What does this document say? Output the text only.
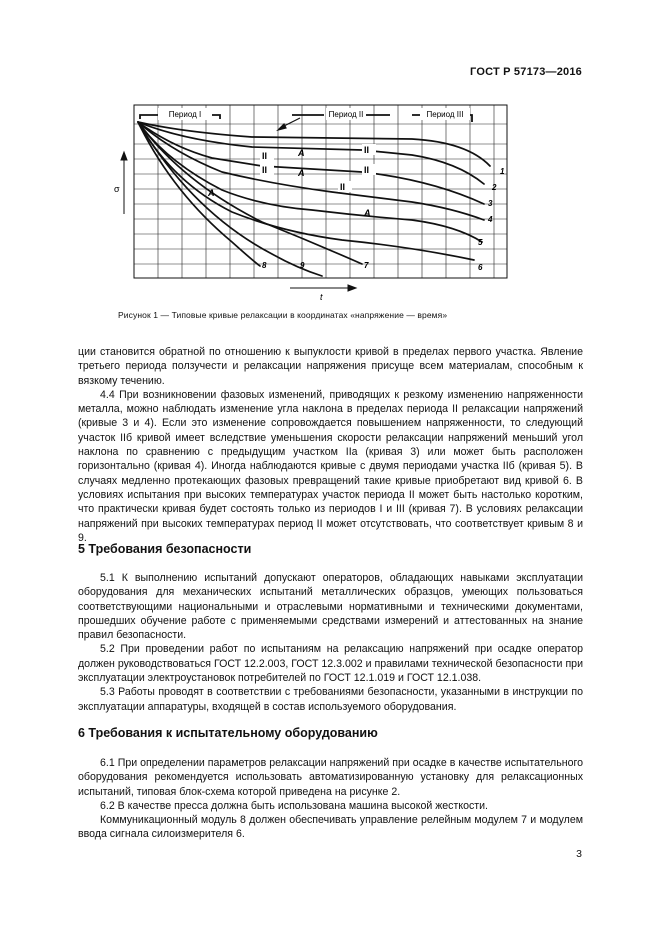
ГОСТ Р 57173—2016
Период I	Период II	Период III
II
II
II
II
II
A
A
A
A
1
2
3
4
5
6
7
8	9
σ
t
Рисунок 1 — Типовые кривые релаксации в координатах «напряжение — время»

ции становится обратной по отношению к выпуклости кривой в пределах первого участка. Явление третьего периода ползучести и релаксации напряжения присуще всем материалам, способным к вязкому течению.

4.4 При возникновении фазовых изменений, приводящих к резкому изменению напряженности металла, можно наблюдать изменение угла наклона в пределах периода II релаксации напряжений (кривые 3 и 4). Если это изменение сопровождается повышением напряженности, то следующий участок IIб кривой имеет вследствие уменьшения скорости релаксации напряжений меньший угол наклона по сравнению с предыдущим участком IIа (кривая 3) или может быть расположен горизонтально (кривая 4). Иногда наблюдаются кривые с двумя периодами участка IIб (кривая 5). В случаях медленно протекающих фазовых превращений такие кривые приобретают вид кривой 6. В условиях испытания при высоких температурах участок периода II может быть настолько коротким, что практически кривая будет состоять только из периодов I и III (кривая 7). В условиях релаксации напряжений при высоких температурах период II может отсутствовать, что соответствует кривым 8 и 9.

5 Требования безопасности

5.1 К выполнению испытаний допускают операторов, обладающих навыками эксплуатации оборудования для механических испытаний металлических образцов, умеющих пользоваться соответствующими национальными и отраслевыми нормативными и техническими документами, прошедших обучение работе с применяемыми средствами измерений и аттестованных на знание правил безопасности.

5.2 При проведении работ по испытаниям на релаксацию напряжений при осадке оператор должен руководствоваться ГОСТ 12.2.003, ГОСТ 12.3.002 и правилами технической безопасности при эксплуатации электроустановок потребителей по ГОСТ 12.1.019 и ГОСТ 12.1.038.

5.3 Работы проводят в соответствии с требованиями безопасности, указанными в инструкции по эксплуатации аппаратуры, входящей в состав используемого оборудования.

6 Требования к испытательному оборудованию

6.1 При определении параметров релаксации напряжений при осадке в качестве испытательного оборудования рекомендуется использовать автоматизированную установку для релаксационных испытаний, типовая блок-схема которой приведена на рисунке 2.

6.2 В качестве пресса должна быть использована машина высокой жесткости.

Коммуникационный модуль 8 должен обеспечивать управление релейным модулем 7 и модулем ввода сигнала силоизмерителя 6.

3
